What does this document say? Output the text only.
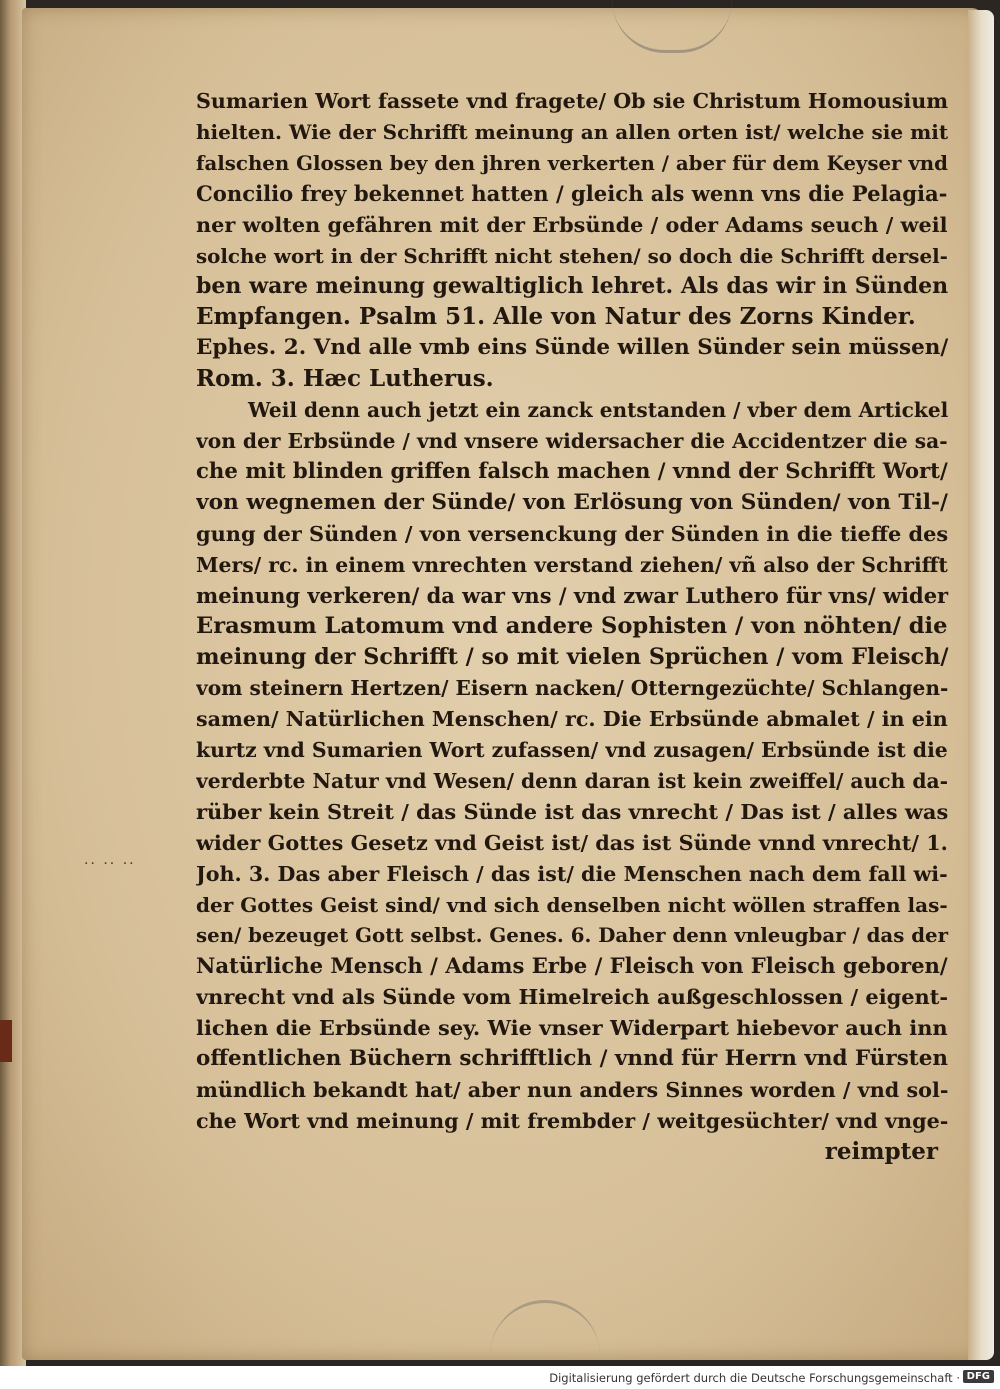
·· ·· ··
Sumarien Wort fassete vnd fragete/ Ob sie Christum Homousium
hielten. Wie der Schrifft meinung an allen orten ist/ welche sie mit
falschen Glossen bey den jhren verkerten / aber für dem Keyser vnd
Concilio frey bekennet hatten / gleich als wenn vns die Pelagia-
ner wolten gefähren mit der Erbsünde / oder Adams seuch / weil
solche wort in der Schrifft nicht stehen/ so doch die Schrifft dersel-
ben ware meinung gewaltiglich lehret. Als das wir in Sünden
Empfangen. Psalm 51. Alle von Natur des Zorns Kinder.
Ephes. 2. Vnd alle vmb eins Sünde willen Sünder sein müssen/
Rom. 3. Hæc Lutherus.
Weil denn auch jetzt ein zanck entstanden / vber dem Artickel
von der Erbsünde / vnd vnsere widersacher die Accidentzer die sa-
che mit blinden griffen falsch machen / vnnd der Schrifft Wort/
von wegnemen der Sünde/ von Erlösung von Sünden/ von Til-/
gung der Sünden / von versenckung der Sünden in die tieffe des
Mers/ rc. in einem vnrechten verstand ziehen/ vñ also der Schrifft
meinung verkeren/ da war vns / vnd zwar Luthero für vns/ wider
Erasmum Latomum vnd andere Sophisten / von nöhten/ die
meinung der Schrifft / so mit vielen Sprüchen / vom Fleisch/
vom steinern Hertzen/ Eisern nacken/ Otterngezüchte/ Schlangen-
samen/ Natürlichen Menschen/ rc. Die Erbsünde abmalet / in ein
kurtz vnd Sumarien Wort zufassen/ vnd zusagen/ Erbsünde ist die
verderbte Natur vnd Wesen/ denn daran ist kein zweiffel/ auch da-
rüber kein Streit / das Sünde ist das vnrecht / Das ist / alles was
wider Gottes Gesetz vnd Geist ist/ das ist Sünde vnnd vnrecht/ 1.
Joh. 3. Das aber Fleisch / das ist/ die Menschen nach dem fall wi-
der Gottes Geist sind/ vnd sich denselben nicht wöllen straffen las-
sen/ bezeuget Gott selbst. Genes. 6. Daher denn vnleugbar / das der
Natürliche Mensch / Adams Erbe / Fleisch von Fleisch geboren/
vnrecht vnd als Sünde vom Himelreich außgeschlossen / eigent-
lichen die Erbsünde sey. Wie vnser Widerpart hiebevor auch inn
offentlichen Büchern schrifftlich / vnnd für Herrn vnd Fürsten
mündlich bekandt hat/ aber nun anders Sinnes worden / vnd sol-
che Wort vnd meinung / mit frembder / weitgesüchter/ vnd vnge-
reimpter
Digitalisierung gefördert durch die Deutsche Forschungsgemeinschaft · DFG
